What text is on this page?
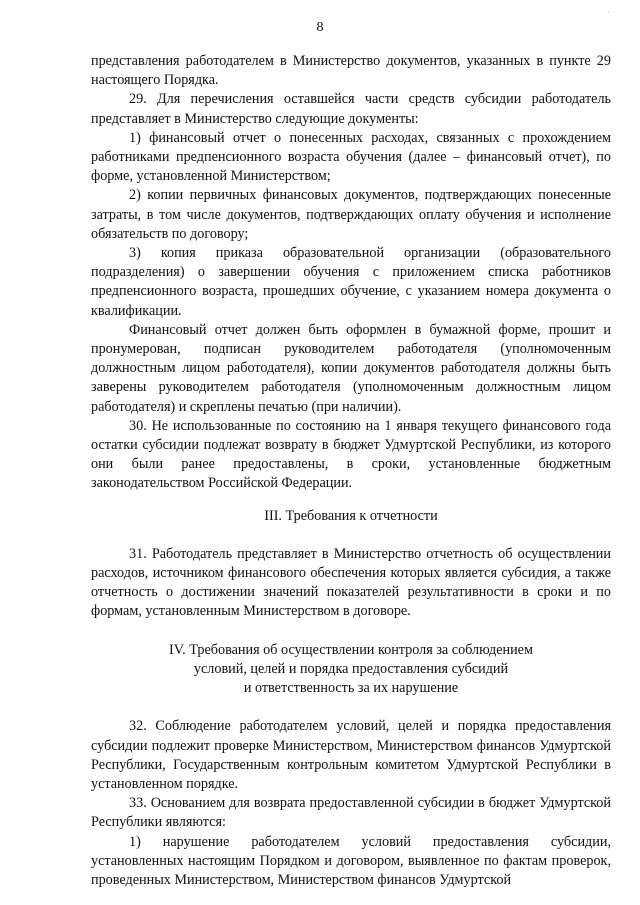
8
·

представления работодателем в Министерство документов, указанных в пункте 29 настоящего Порядка.

29. Для перечисления оставшейся части средств субсидии работодатель представляет в Министерство следующие документы:

1) финансовый отчет о понесенных расходах, связанных с прохождением работниками предпенсионного возраста обучения (далее – финансовый отчет), по форме, установленной Министерством;

2) копии первичных финансовых документов, подтверждающих понесенные затраты, в том числе документов, подтверждающих оплату обучения и исполнение обязательств по договору;

3) копия приказа образовательной организации (образовательного подразделения) о завершении обучения с приложением списка работников предпенсионного возраста, прошедших обучение, с указанием номера документа о квалификации.

Финансовый отчет должен быть оформлен в бумажной форме, прошит и пронумерован, подписан руководителем работодателя (уполномоченным должностным лицом работодателя), копии документов работодателя должны быть заверены руководителем работодателя (уполномоченным должностным лицом работодателя) и скреплены печатью (при наличии).

30. Не использованные по состоянию на 1 января текущего финансового года остатки субсидии подлежат возврату в бюджет Удмуртской Республики, из которого они были ранее предоставлены, в сроки, установленные бюджетным законодательством Российской Федерации.

III. Требования к отчетности

31. Работодатель представляет в Министерство отчетность об осуществлении расходов, источником финансового обеспечения которых является субсидия, а также отчетность о достижении значений показателей результативности в сроки и по формам, установленным Министерством в договоре.

IV. Требования об осуществлении контроля за соблюдением

условий, целей и порядка предоставления субсидий

и ответственность за их нарушение

32. Соблюдение работодателем условий, целей и порядка предоставления субсидии подлежит проверке Министерством, Министерством финансов Удмуртской Республики, Государственным контрольным комитетом Удмуртской Республики в установленном порядке.

33. Основанием для возврата предоставленной субсидии в бюджет Удмуртской Республики являются:

1) нарушение работодателем условий предоставления субсидии, установленных настоящим Порядком и договором, выявленное по фактам проверок, проведенных Министерством, Министерством финансов Удмуртской
